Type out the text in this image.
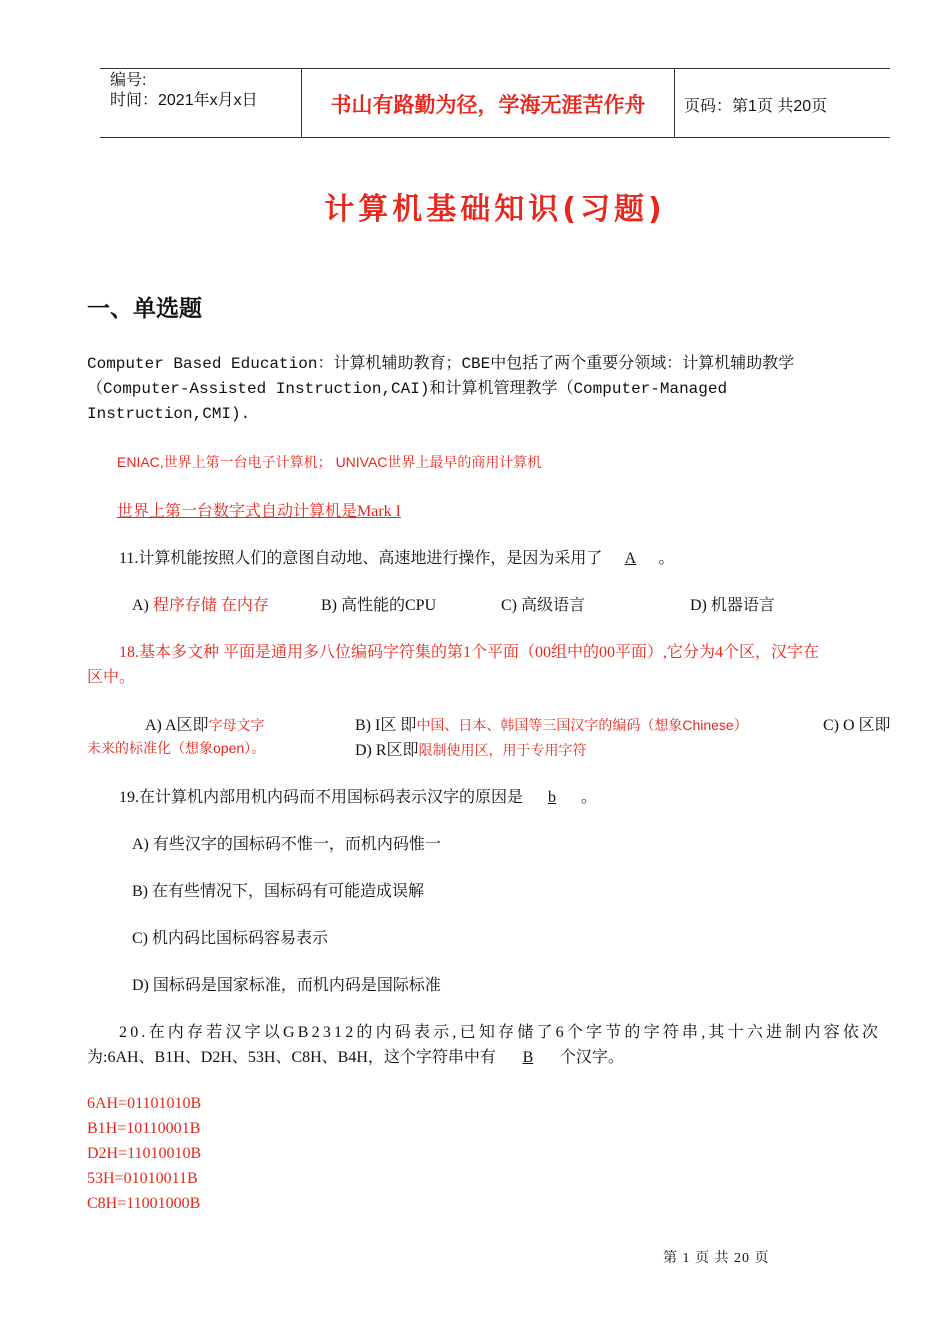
编号:
时间：2021年x月x日	书山有路勤为径，学海无涯苦作舟	页码：第1页 共20页
计算机基础知识(习题)
一、单选题
Computer Based Education：计算机辅助教育；CBE中包括了两个重要分领域：计算机辅助教学
（Computer-Assisted Instruction,CAI)和计算机管理教学（Computer-Managed
Instruction,CMI).
ENIAC,世界上第一台电子计算机； UNIVAC世界上最早的商用计算机
世界上第一台数字式自动计算机是Mark I
11.计算机能按照人们的意图自动地、高速地进行操作，是因为采用了 A 。
A) 程序存储 在内存	B) 高性能的CPU	C) 高级语言	D) 机器语言
18.基本多文种 平面是通用多八位编码字符集的第1个平面（00组中的00平面）,它分为4个区，汉字在
区中。
A) A区即字母文字	B) I区 即中国、日本、韩国等三国汉字的编码（想象Chinese）	C) O 区即
未来的标准化（想象open）。	D) R区即限制使用区，用于专用字符
19.在计算机内部用机内码而不用国标码表示汉字的原因是 b 。
A) 有些汉字的国标码不惟一，而机内码惟一
B) 在有些情况下，国标码有可能造成误解
C) 机内码比国标码容易表示
D) 国标码是国家标准，而机内码是国际标准
20.在内存若汉字以GB2312的内码表示,已知存储了6个字节的字符串,其十六进制内容依次
为:6AH、B1H、D2H、53H、C8H、B4H，这个字符串中有 B 个汉字。
6AH=01101010B
B1H=10110001B
D2H=11010010B
53H=01010011B
C8H=11001000B
第 1 页 共 20 页
